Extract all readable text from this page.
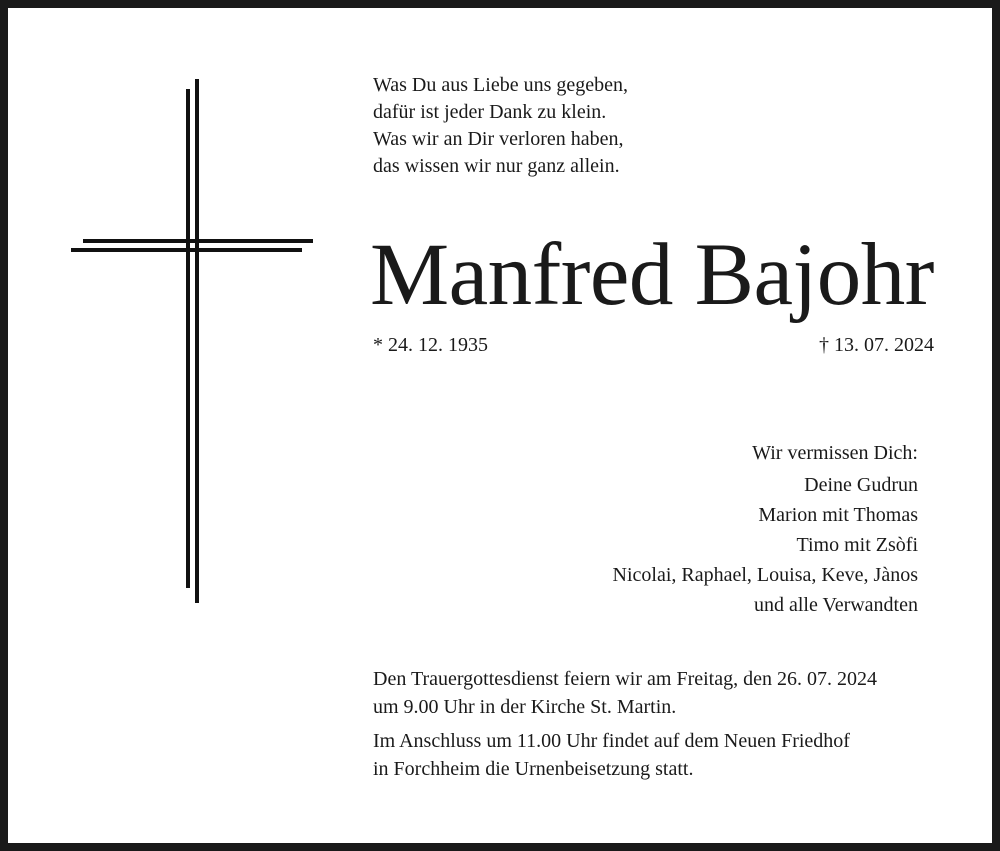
Was Du aus Liebe uns gegeben,
dafür ist jeder Dank zu klein.
Was wir an Dir verloren haben,
das wissen wir nur ganz allein.
Manfred Bajohr
* 24. 12. 1935	† 13. 07. 2024
Wir vermissen Dich:
Deine Gudrun
Marion mit Thomas
Timo mit Zsòfi
Nicolai, Raphael, Louisa, Keve, Jànos
und alle Verwandten
Den Trauergottesdienst feiern wir am Freitag, den 26. 07. 2024
um 9.00 Uhr in der Kirche St. Martin.
Im Anschluss um 11.00 Uhr findet auf dem Neuen Friedhof
in Forchheim die Urnenbeisetzung statt.
